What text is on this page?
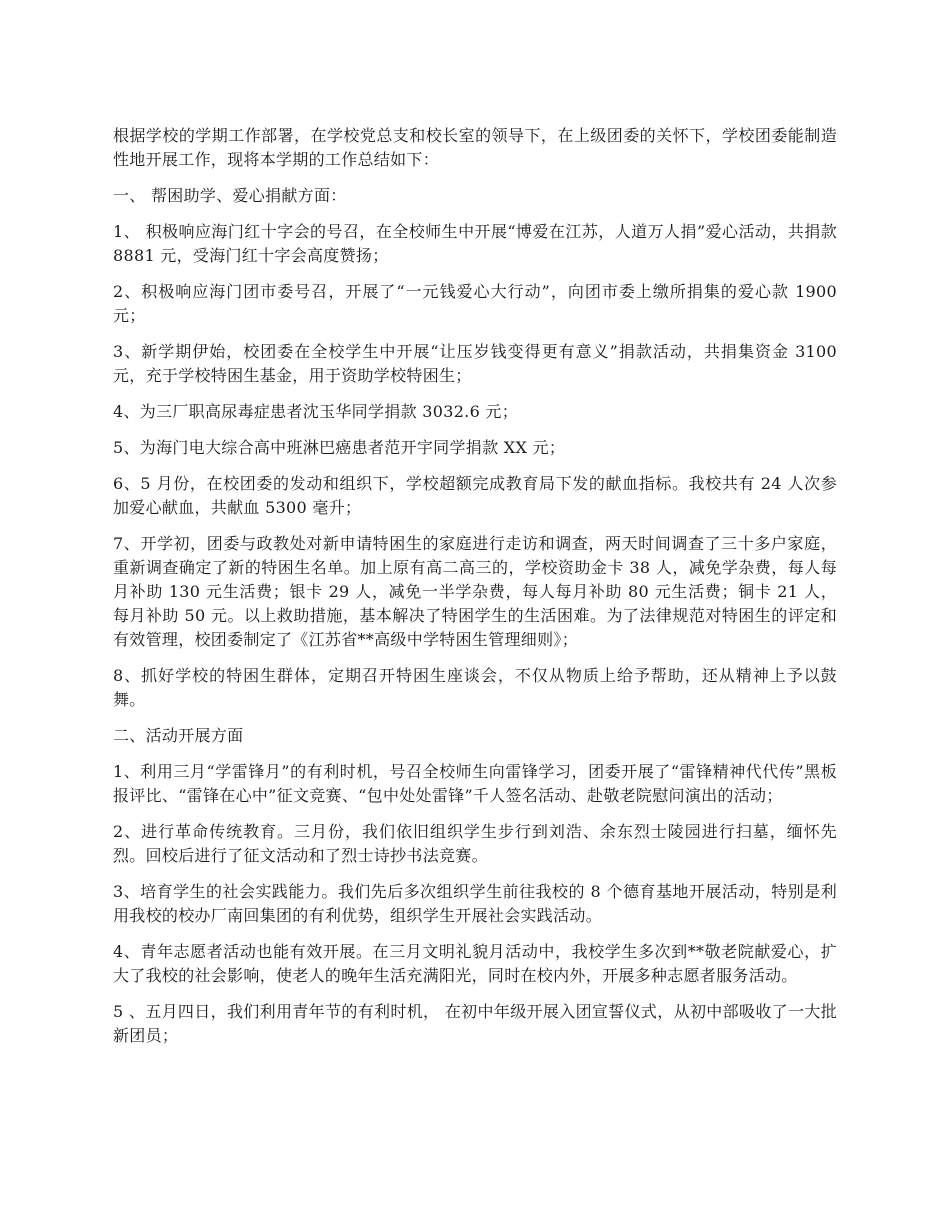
根据学校的学期工作部署，在学校党总支和校长室的领导下，在上级团委的关怀下，学校团委能制造性地开展工作，现将本学期的工作总结如下：

一、 帮困助学、爱心捐献方面：

1、 积极响应海门红十字会的号召，在全校师生中开展“博爱在江苏，人道万人捐”爱心活动，共捐款 8881 元，受海门红十字会高度赞扬；

2、积极响应海门团市委号召，开展了“一元钱爱心大行动”，向团市委上缴所捐集的爱心款 1900 元；

3、新学期伊始，校团委在全校学生中开展“让压岁钱变得更有意义”捐款活动，共捐集资金 3100 元，充于学校特困生基金，用于资助学校特困生；

4、为三厂职高尿毒症患者沈玉华同学捐款 3032.6 元；

5、为海门电大综合高中班淋巴癌患者范开宇同学捐款 XX 元；

6、5 月份，在校团委的发动和组织下，学校超额完成教育局下发的献血指标。我校共有 24 人次参加爱心献血，共献血 5300 毫升；

7、开学初，团委与政教处对新申请特困生的家庭进行走访和调查，两天时间调查了三十多户家庭，重新调查确定了新的特困生名单。加上原有高二高三的，学校资助金卡 38 人，减免学杂费，每人每月补助 130 元生活费；银卡 29 人，减免一半学杂费，每人每月补助 80 元生活费；铜卡 21 人，每月补助 50 元。以上救助措施，基本解决了特困学生的生活困难。为了法律规范对特困生的评定和有效管理，校团委制定了《江苏省**高级中学特困生管理细则》；

8、抓好学校的特困生群体，定期召开特困生座谈会，不仅从物质上给予帮助，还从精神上予以鼓舞。

二、活动开展方面

1、利用三月“学雷锋月”的有利时机，号召全校师生向雷锋学习，团委开展了“雷锋精神代代传”黑板报评比、“雷锋在心中”征文竞赛、“包中处处雷锋”千人签名活动、赴敬老院慰问演出的活动；

2、进行革命传统教育。三月份，我们依旧组织学生步行到刘浩、余东烈士陵园进行扫墓，缅怀先烈。回校后进行了征文活动和了烈士诗抄书法竞赛。

3、培育学生的社会实践能力。我们先后多次组织学生前往我校的 8 个德育基地开展活动，特别是利用我校的校办厂南回集团的有利优势，组织学生开展社会实践活动。

4、青年志愿者活动也能有效开展。在三月文明礼貌月活动中，我校学生多次到**敬老院献爱心，扩大了我校的社会影响，使老人的晚年生活充满阳光，同时在校内外，开展多种志愿者服务活动。

5 、五月四日，我们利用青年节的有利时机， 在初中年级开展入团宣誓仪式，从初中部吸收了一大批新团员；
